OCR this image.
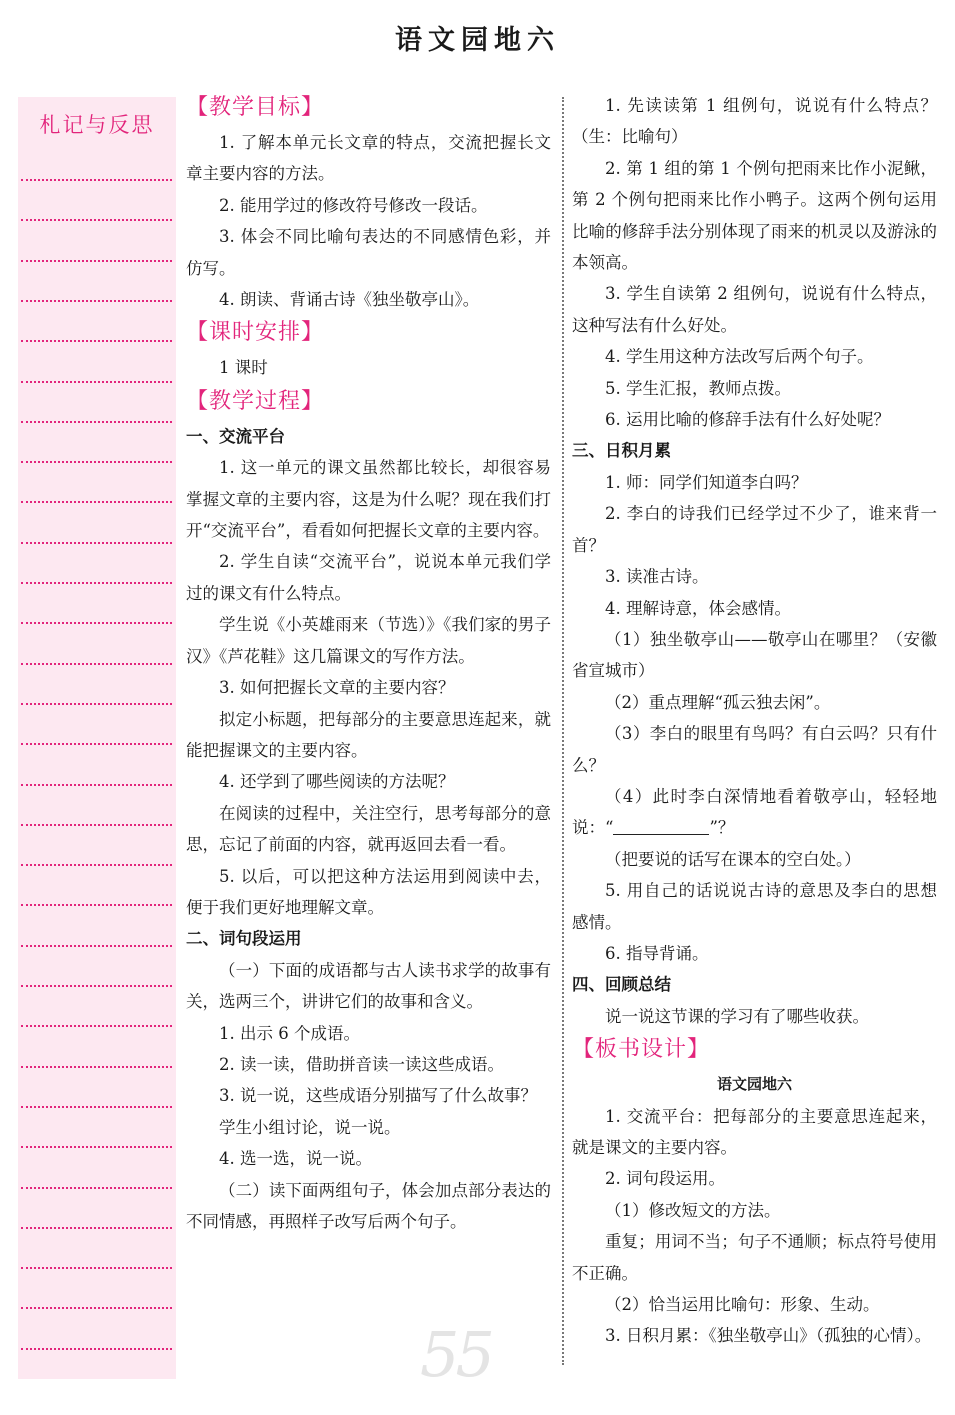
语文园地六
札记与反思
【教学目标】

1. 了解本单元长文章的特点，交流把握长文章主要内容的方法。

2. 能用学过的修改符号修改一段话。

3. 体会不同比喻句表达的不同感情色彩，并仿写。

4. 朗读、背诵古诗《独坐敬亭山》。

【课时安排】

1 课时

【教学过程】
一、交流平台

1. 这一单元的课文虽然都比较长，却很容易掌握文章的主要内容，这是为什么呢？现在我们打开“交流平台”，看看如何把握长文章的主要内容。

2. 学生自读“交流平台”，说说本单元我们学过的课文有什么特点。

学生说《小英雄雨来（节选）》《我们家的男子汉》《芦花鞋》这几篇课文的写作方法。

3. 如何把握长文章的主要内容？

拟定小标题，把每部分的主要意思连起来，就能把握课文的主要内容。

4. 还学到了哪些阅读的方法呢？

在阅读的过程中，关注空行，思考每部分的意思，忘记了前面的内容，就再返回去看一看。

5. 以后，可以把这种方法运用到阅读中去，便于我们更好地理解文章。

二、词句段运用

（一）下面的成语都与古人读书求学的故事有关，选两三个，讲讲它们的故事和含义。

1. 出示 6 个成语。

2. 读一读，借助拼音读一读这些成语。

3. 说一说，这些成语分别描写了什么故事？

学生小组讨论，说一说。

4. 选一选，说一说。

（二）读下面两组句子，体会加点部分表达的不同情感，再照样子改写后两个句子。

1. 先读读第 1 组例句，说说有什么特点？（生：比喻句）

2. 第 1 组的第 1 个例句把雨来比作小泥鳅，第 2 个例句把雨来比作小鸭子。这两个例句运用比喻的修辞手法分别体现了雨来的机灵以及游泳的本领高。

3. 学生自读第 2 组例句，说说有什么特点，这种写法有什么好处。

4. 学生用这种方法改写后两个句子。

5. 学生汇报，教师点拨。

6. 运用比喻的修辞手法有什么好处呢？

三、日积月累

1. 师：同学们知道李白吗？

2. 李白的诗我们已经学过不少了，谁来背一首？

3. 读准古诗。

4. 理解诗意，体会感情。

（1）独坐敬亭山——敬亭山在哪里？（安徽省宣城市）

（2）重点理解“孤云独去闲”。

（3）李白的眼里有鸟吗？有白云吗？只有什么？

（4）此时李白深情地看着敬亭山，轻轻地说：“	”？

（把要说的话写在课本的空白处。）

5. 用自己的话说说古诗的意思及李白的思想感情。

6. 指导背诵。

四、回顾总结

说一说这节课的学习有了哪些收获。

【板书设计】

语文园地六

1. 交流平台：把每部分的主要意思连起来，就是课文的主要内容。

2. 词句段运用。

（1）修改短文的方法。

重复；用词不当；句子不通顺；标点符号使用不正确。

（2）恰当运用比喻句：形象、生动。

3. 日积月累：《独坐敬亭山》（孤独的心情）。

55
